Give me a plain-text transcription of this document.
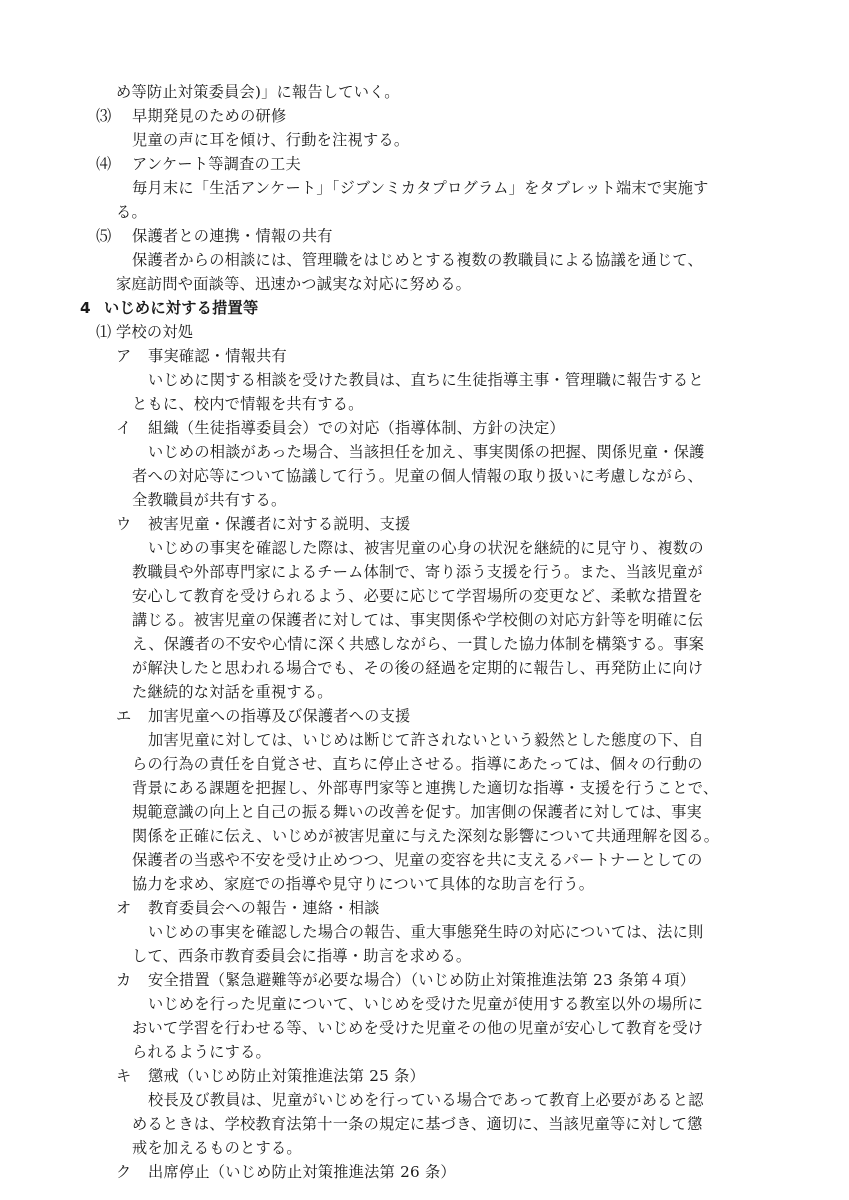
め等防止対策委員会)」に報告していく。
⑶ 早期発見のための研修
児童の声に耳を傾け、行動を注視する。
⑷ アンケート等調査の工夫
毎月末に「生活アンケート」「ジブンミカタプログラム」をタブレット端末で実施す
る。
⑸ 保護者との連携・情報の共有
保護者からの相談には、管理職をはじめとする複数の教職員による協議を通じて、
家庭訪問や面談等、迅速かつ誠実な対応に努める。
4 いじめに対する措置等
⑴ 学校の対処
ア 事実確認・情報共有
いじめに関する相談を受けた教員は、直ちに生徒指導主事・管理職に報告すると
ともに、校内で情報を共有する。
イ 組織（生徒指導委員会）での対応（指導体制、方針の決定）
いじめの相談があった場合、当該担任を加え、事実関係の把握、関係児童・保護
者への対応等について協議して行う。児童の個人情報の取り扱いに考慮しながら、
全教職員が共有する。
ウ 被害児童・保護者に対する説明、支援
いじめの事実を確認した際は、被害児童の心身の状況を継続的に見守り、複数の
教職員や外部専門家によるチーム体制で、寄り添う支援を行う。また、当該児童が
安心して教育を受けられるよう、必要に応じて学習場所の変更など、柔軟な措置を
講じる。被害児童の保護者に対しては、事実関係や学校側の対応方針等を明確に伝
え、保護者の不安や心情に深く共感しながら、一貫した協力体制を構築する。事案
が解決したと思われる場合でも、その後の経過を定期的に報告し、再発防止に向け
た継続的な対話を重視する。
エ 加害児童への指導及び保護者への支援
加害児童に対しては、いじめは断じて許されないという毅然とした態度の下、自
らの行為の責任を自覚させ、直ちに停止させる。指導にあたっては、個々の行動の
背景にある課題を把握し、外部専門家等と連携した適切な指導・支援を行うことで、
規範意識の向上と自己の振る舞いの改善を促す。加害側の保護者に対しては、事実
関係を正確に伝え、いじめが被害児童に与えた深刻な影響について共通理解を図る。
保護者の当惑や不安を受け止めつつ、児童の変容を共に支えるパートナーとしての
協力を求め、家庭での指導や見守りについて具体的な助言を行う。
オ 教育委員会への報告・連絡・相談
いじめの事実を確認した場合の報告、重大事態発生時の対応については、法に則
して、西条市教育委員会に指導・助言を求める。
カ 安全措置（緊急避難等が必要な場合）（いじめ防止対策推進法第 23 条第４項）
いじめを行った児童について、いじめを受けた児童が使用する教室以外の場所に
おいて学習を行わせる等、いじめを受けた児童その他の児童が安心して教育を受け
られるようにする。
キ 懲戒（いじめ防止対策推進法第 25 条）
校長及び教員は、児童がいじめを行っている場合であって教育上必要があると認
めるときは、学校教育法第十一条の規定に基づき、適切に、当該児童等に対して懲
戒を加えるものとする。
ク 出席停止（いじめ防止対策推進法第 26 条）
